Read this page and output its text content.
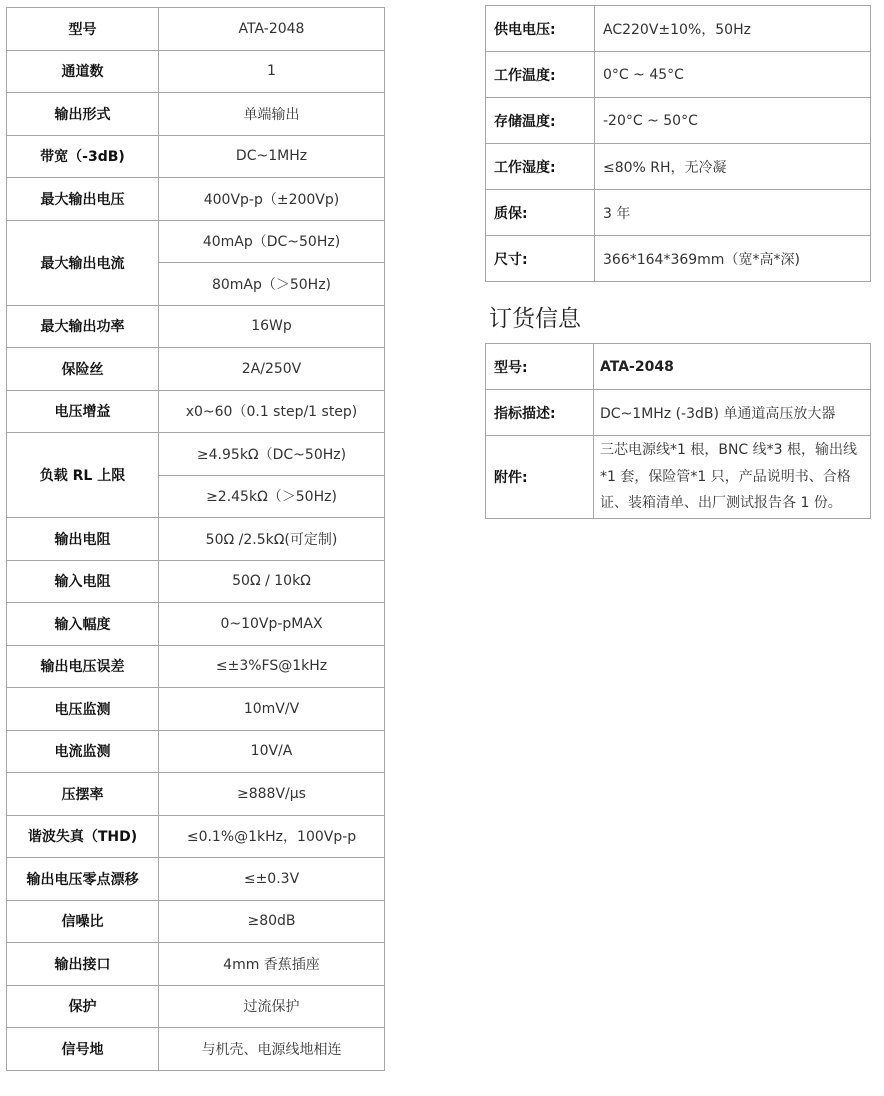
型号	ATA-2048
通道数	1
输出形式	单端输出
带宽（-3dB)	DC~1MHz
最大输出电压	400Vp-p（±200Vp)
最大输出电流	40mAp（DC~50Hz)
	80mAp（＞50Hz)
最大输出功率	16Wp
保险丝	2A/250V
电压增益	x0~60（0.1 step/1 step)
负载 RL 上限	≥4.95kΩ（DC~50Hz)
	≥2.45kΩ（＞50Hz)
输出电阻	50Ω /2.5kΩ(可定制)
输入电阻	50Ω / 10kΩ
输入幅度	0~10Vp-pMAX
输出电压误差	≤±3%FS@1kHz
电压监测	10mV/V
电流监测	10V/A
压摆率	≥888V/μs
谐波失真（THD)	≤0.1%@1kHz，100Vp-p
输出电压零点漂移	≤±0.3V
信噪比	≥80dB
输出接口	4mm 香蕉插座
保护	过流保护
信号地	与机壳、电源线地相连
供电电压:	AC220V±10%，50Hz
工作温度:	0°C ~ 45°C
存储温度:	-20°C ~ 50°C
工作湿度:	≤80% RH，无冷凝
质保:	3 年
尺寸:	366*164*369mm（宽*高*深)
订货信息
型号:	ATA-2048
指标描述:	DC~1MHz (-3dB) 单通道高压放大器
附件:	三芯电源线*1 根，BNC 线*3 根，输出线*1 套，保险管*1 只，产品说明书、合格证、装箱清单、出厂测试报告各 1 份。
